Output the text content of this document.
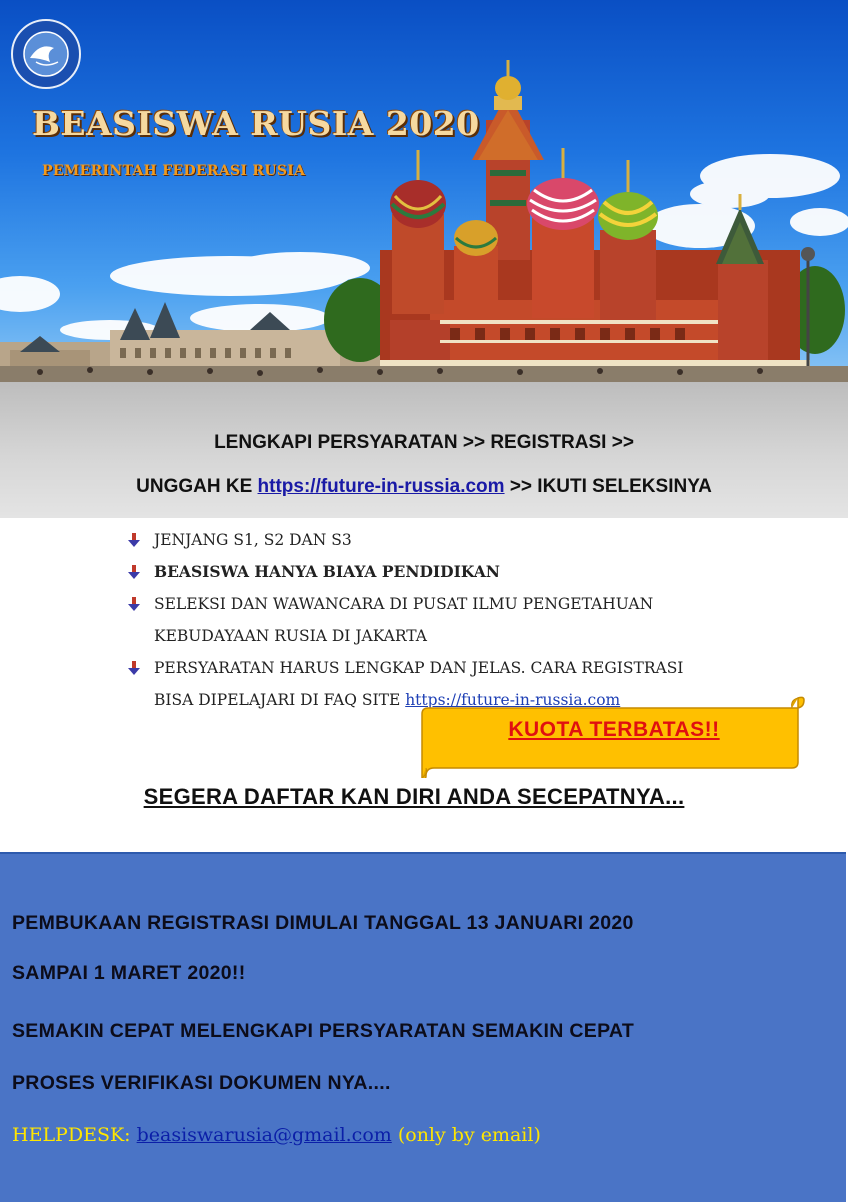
BEASISWA RUSIA 2020

PEMERINTAH FEDERASI RUSIA

LENGKAPI PERSYARATAN >> REGISTRASI >>
UNGGAH KE https://future-in-russia.com >> IKUTI SELEKSINYA
JENJANG S1, S2 DAN S3
BEASISWA HANYA BIAYA PENDIDIKAN
SELEKSI DAN WAWANCARA DI PUSAT ILMU PENGETAHUAN
KEBUDAYAAN RUSIA DI JAKARTA
PERSYARATAN HARUS LENGKAP DAN JELAS. CARA REGISTRASI
BISA DIPELAJARI DI FAQ SITE https://future-in-russia.com
KUOTA TERBATAS!!
SEGERA DAFTAR KAN DIRI ANDA SECEPATNYA...
PEMBUKAAN REGISTRASI DIMULAI TANGGAL 13 JANUARI 2020
SAMPAI 1 MARET 2020!!
SEMAKIN CEPAT MELENGKAPI PERSYARATAN SEMAKIN CEPAT
PROSES VERIFIKASI DOKUMEN NYA....
HELPDESK: beasiswarusia@gmail.com (only by email)
